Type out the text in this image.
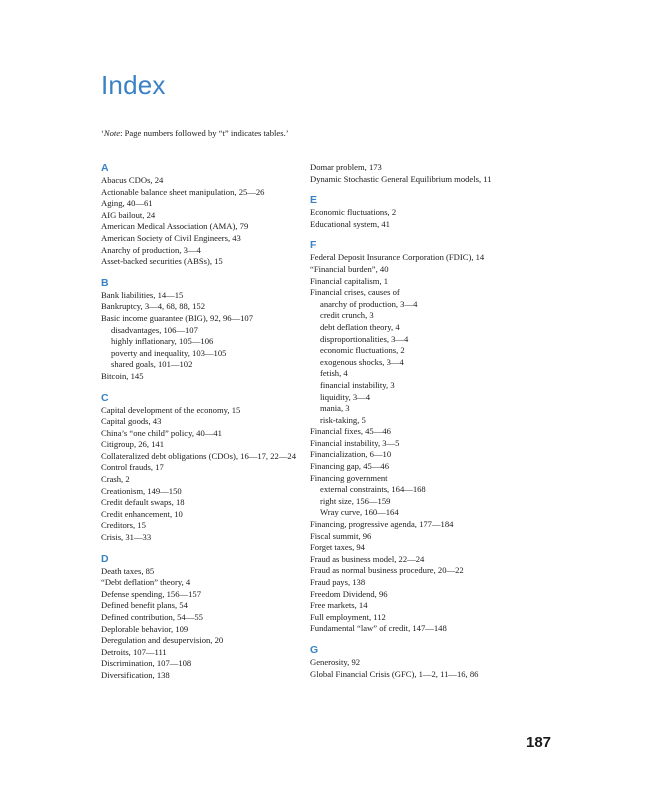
Index
‘Note: Page numbers followed by “t” indicates tables.’
A
Abacus CDOs, 24
Actionable balance sheet manipulation, 25—26
Aging, 40—61
AIG bailout, 24
American Medical Association (AMA), 79
American Society of Civil Engineers, 43
Anarchy of production, 3—4
Asset-backed securities (ABSs), 15
B
Bank liabilities, 14—15
Bankruptcy, 3—4, 68, 88, 152
Basic income guarantee (BIG), 92, 96—107
disadvantages, 106—107
highly inflationary, 105—106
poverty and inequality, 103—105
shared goals, 101—102
Bitcoin, 145
C
Capital development of the economy, 15
Capital goods, 43
China’s “one child” policy, 40—41
Citigroup, 26, 141
Collateralized debt obligations (CDOs), 16—17, 22—24
Control frauds, 17
Crash, 2
Creationism, 149—150
Credit default swaps, 18
Credit enhancement, 10
Creditors, 15
Crisis, 31—33
D
Death taxes, 85
“Debt deflation” theory, 4
Defense spending, 156—157
Defined benefit plans, 54
Defined contribution, 54—55
Deplorable behavior, 109
Deregulation and desupervision, 20
Detroits, 107—111
Discrimination, 107—108
Diversification, 138
Domar problem, 173
Dynamic Stochastic General Equilibrium models, 11
E
Economic fluctuations, 2
Educational system, 41
F
Federal Deposit Insurance Corporation (FDIC), 14
“Financial burden”, 40
Financial capitalism, 1
Financial crises, causes of
anarchy of production, 3—4
credit crunch, 3
debt deflation theory, 4
disproportionalities, 3—4
economic fluctuations, 2
exogenous shocks, 3—4
fetish, 4
financial instability, 3
liquidity, 3—4
mania, 3
risk-taking, 5
Financial fixes, 45—46
Financial instability, 3—5
Financialization, 6—10
Financing gap, 45—46
Financing government
external constraints, 164—168
right size, 156—159
Wray curve, 160—164
Financing, progressive agenda, 177—184
Fiscal summit, 96
Forget taxes, 94
Fraud as business model, 22—24
Fraud as normal business procedure, 20—22
Fraud pays, 138
Freedom Dividend, 96
Free markets, 14
Full employment, 112
Fundamental “law” of credit, 147—148
G
Generosity, 92
Global Financial Crisis (GFC), 1—2, 11—16, 86
187
